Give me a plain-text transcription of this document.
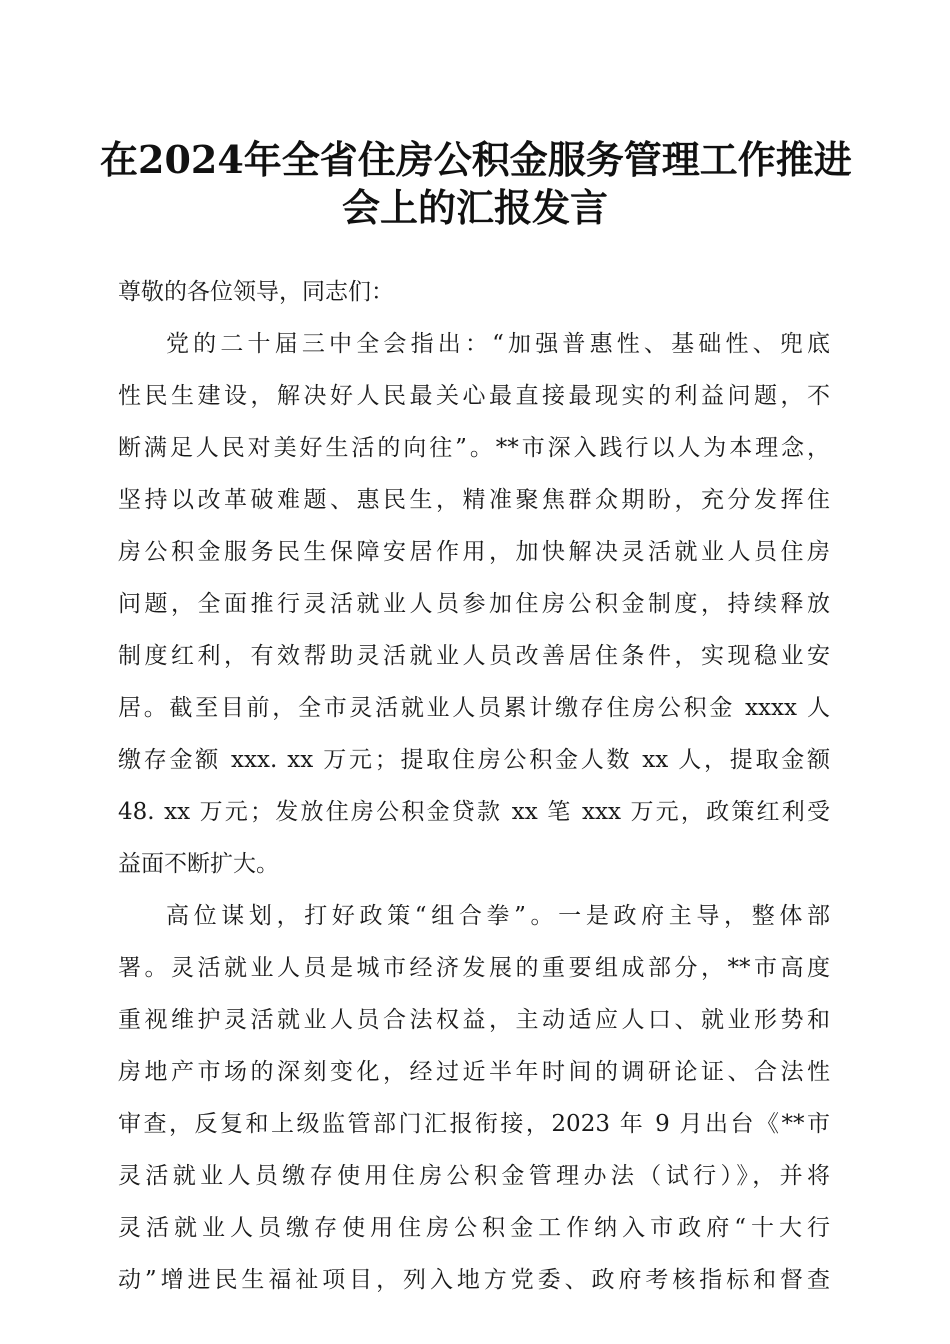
在2024年全省住房公积金服务管理工作推进
会上的汇报发言
尊敬的各位领导，同志们：
党的二十届三中全会指出：“加强普惠性、基础性、兜底
性民生建设，解决好人民最关心最直接最现实的利益问题，不
断满足人民对美好生活的向往”。**市深入践行以人为本理念，
坚持以改革破难题、惠民生，精准聚焦群众期盼，充分发挥住
房公积金服务民生保障安居作用，加快解决灵活就业人员住房
问题，全面推行灵活就业人员参加住房公积金制度，持续释放
制度红利，有效帮助灵活就业人员改善居住条件，实现稳业安
居。截至目前，全市灵活就业人员累计缴存住房公积金 xxxx 人
缴存金额 xxx. xx 万元；提取住房公积金人数 xx 人，提取金额
48. xx 万元；发放住房公积金贷款 xx 笔 xxx 万元，政策红利受
益面不断扩大。
高位谋划，打好政策“组合拳”。一是政府主导，整体部
署。灵活就业人员是城市经济发展的重要组成部分，**市高度
重视维护灵活就业人员合法权益，主动适应人口、就业形势和
房地产市场的深刻变化，经过近半年时间的调研论证、合法性
审查，反复和上级监管部门汇报衔接，2023 年 9 月出台《**市
灵活就业人员缴存使用住房公积金管理办法（试行）》，并将
灵活就业人员缴存使用住房公积金工作纳入市政府“十大行
动”增进民生福祉项目，列入地方党委、政府考核指标和督查
